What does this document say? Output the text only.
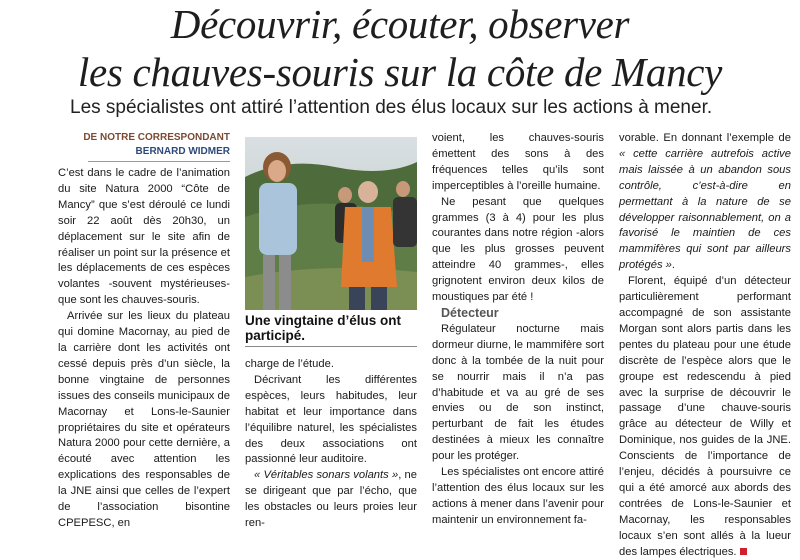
Découvrir, écouter, observer
les chauves-souris sur la côte de Mancy

Les spécialistes ont attiré l’attention des élus locaux sur les actions à mener.

DE NOTRE CORRESPONDANT
BERNARD WIDMER

C’est dans le cadre de l’animation du site Natura 2000 “Côte de Mancy” que s’est déroulé ce lundi soir 22 août dès 20h30, un déplacement sur le site afin de réaliser un point sur la présence et les déplacements de ces espèces volantes -souvent mystérieuses- que sont les chauves-souris.

Arrivée sur les lieux du plateau qui domine Macornay, au pied de la carrière dont les activités ont cessé depuis près d’un siècle, la bonne vingtaine de personnes issues des conseils municipaux de Macornay et Lons-le-Saunier propriétaires du site et opérateurs Natura 2000 pour cette dernière, a écouté avec attention les explications des responsables de la JNE ainsi que celles de l’expert de l’association bisontine CPEPESC, en

Une vingtaine d’élus ont participé.

charge de l’étude.

Décrivant les différentes espèces, leurs habitudes, leur habitat et leur importance dans l’équilibre naturel, les spécialistes des deux associations ont passionné leur auditoire.

« Véritables sonars volants », ne se dirigeant que par l’écho, que les obstacles ou leurs proies leur ren-

voient, les chauves-souris émettent des sons à des fréquences telles qu’ils sont imperceptibles à l’oreille humaine.

Ne pesant que quelques grammes (3 à 4) pour les plus courantes dans notre région -alors que les plus grosses peuvent atteindre 40 grammes-, elles grignotent environ deux kilos de moustiques par été !

Détecteur

Régulateur nocturne mais dormeur diurne, le mammifère sort donc à la tombée de la nuit pour se nourrir mais il n’a pas d’habitude et va au gré de ses envies ou de son instinct, perturbant de fait les études destinées à mieux les connaître pour les protéger.

Les spécialistes ont encore attiré l’attention des élus locaux sur les actions à mener dans l’avenir pour maintenir un environnement fa-

vorable. En donnant l’exemple de « cette carrière autrefois active mais laissée à un abandon sous contrôle, c’est-à-dire en permettant à la nature de se développer raisonnablement, on a favorisé le maintien de ces mammifères qui sont par ailleurs protégés ».

Florent, équipé d’un détecteur particulièrement performant accompagné de son assistante Morgan sont alors partis dans les pentes du plateau pour une étude discrète de l’espèce alors que le groupe est redescendu à pied avec la surprise de découvrir le passage d’une chauve-souris grâce au détecteur de Willy et Dominique, nos guides de la JNE. Conscients de l’importance de l’enjeu, décidés à poursuivre ce qui a été amorcé aux abords des contrées de Lons-le-Saunier et Macornay, les responsables locaux s’en sont allés à la lueur des lampes électriques.
